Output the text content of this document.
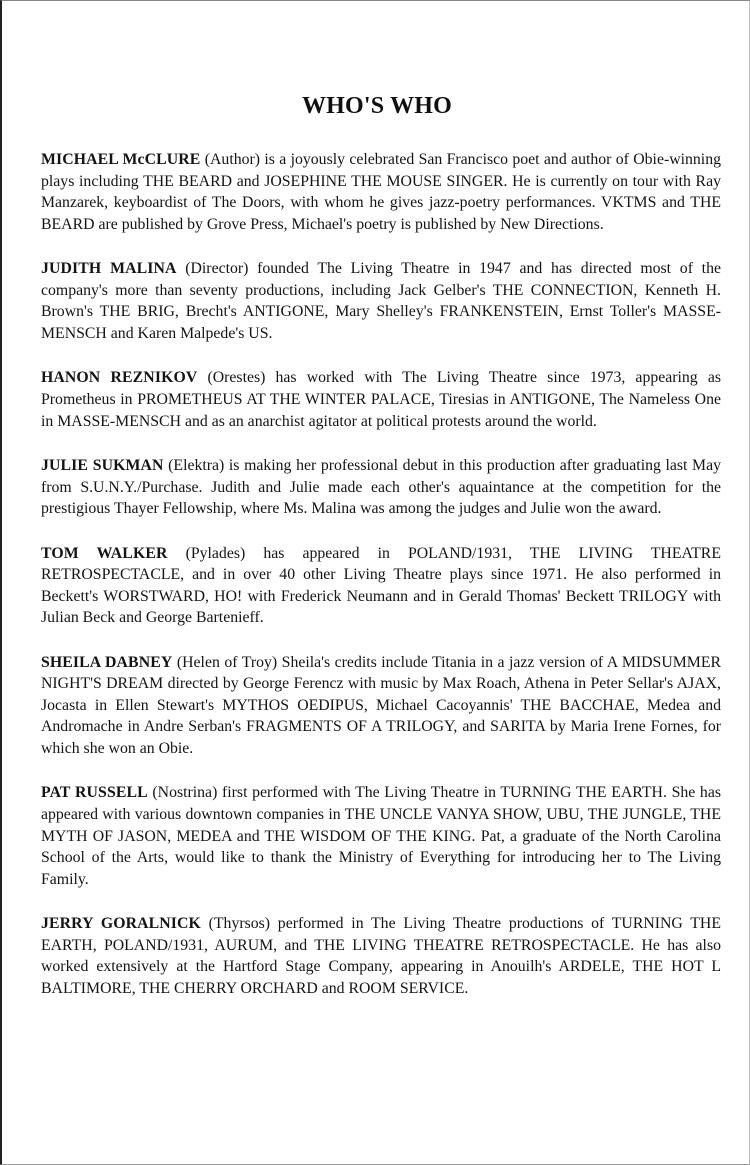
WHO'S WHO

MICHAEL McCLURE (Author) is a joyously celebrated San Francisco poet and author of Obie-winning plays including THE BEARD and JOSEPHINE THE MOUSE SINGER. He is currently on tour with Ray Manzarek, keyboardist of The Doors, with whom he gives jazz-poetry performances. VKTMS and THE BEARD are published by Grove Press, Michael's poetry is published by New Directions.

JUDITH MALINA (Director) founded The Living Theatre in 1947 and has directed most of the company's more than seventy productions, including Jack Gelber's THE CONNECTION, Kenneth H. Brown's THE BRIG, Brecht's ANTIGONE, Mary Shelley's FRANKENSTEIN, Ernst Toller's MASSE-MENSCH and Karen Malpede's US.

HANON REZNIKOV (Orestes) has worked with The Living Theatre since 1973, appearing as Prometheus in PROMETHEUS AT THE WINTER PALACE, Tiresias in ANTIGONE, The Nameless One in MASSE-MENSCH and as an anarchist agitator at political protests around the world.

JULIE SUKMAN (Elektra) is making her professional debut in this production after graduating last May from S.U.N.Y./Purchase. Judith and Julie made each other's aquaintance at the competition for the prestigious Thayer Fellowship, where Ms. Malina was among the judges and Julie won the award.

TOM WALKER (Pylades) has appeared in POLAND/1931, THE LIVING THEATRE RETROSPECTACLE, and in over 40 other Living Theatre plays since 1971. He also performed in Beckett's WORSTWARD, HO! with Frederick Neumann and in Gerald Thomas' Beckett TRILOGY with Julian Beck and George Bartenieff.

SHEILA DABNEY (Helen of Troy) Sheila's credits include Titania in a jazz version of A MIDSUMMER NIGHT'S DREAM directed by George Ferencz with music by Max Roach, Athena in Peter Sellar's AJAX, Jocasta in Ellen Stewart's MYTHOS OEDIPUS, Michael Cacoyannis' THE BACCHAE, Medea and Andromache in Andre Serban's FRAGMENTS OF A TRILOGY, and SARITA by Maria Irene Fornes, for which she won an Obie.

PAT RUSSELL (Nostrina) first performed with The Living Theatre in TURNING THE EARTH. She has appeared with various downtown companies in THE UNCLE VANYA SHOW, UBU, THE JUNGLE, THE MYTH OF JASON, MEDEA and THE WISDOM OF THE KING. Pat, a graduate of the North Carolina School of the Arts, would like to thank the Ministry of Everything for introducing her to The Living Family.

JERRY GORALNICK (Thyrsos) performed in The Living Theatre productions of TURNING THE EARTH, POLAND/1931, AURUM, and THE LIVING THEATRE RETROSPECTACLE. He has also worked extensively at the Hartford Stage Company, appearing in Anouilh's ARDELE, THE HOT L BALTIMORE, THE CHERRY ORCHARD and ROOM SERVICE.
